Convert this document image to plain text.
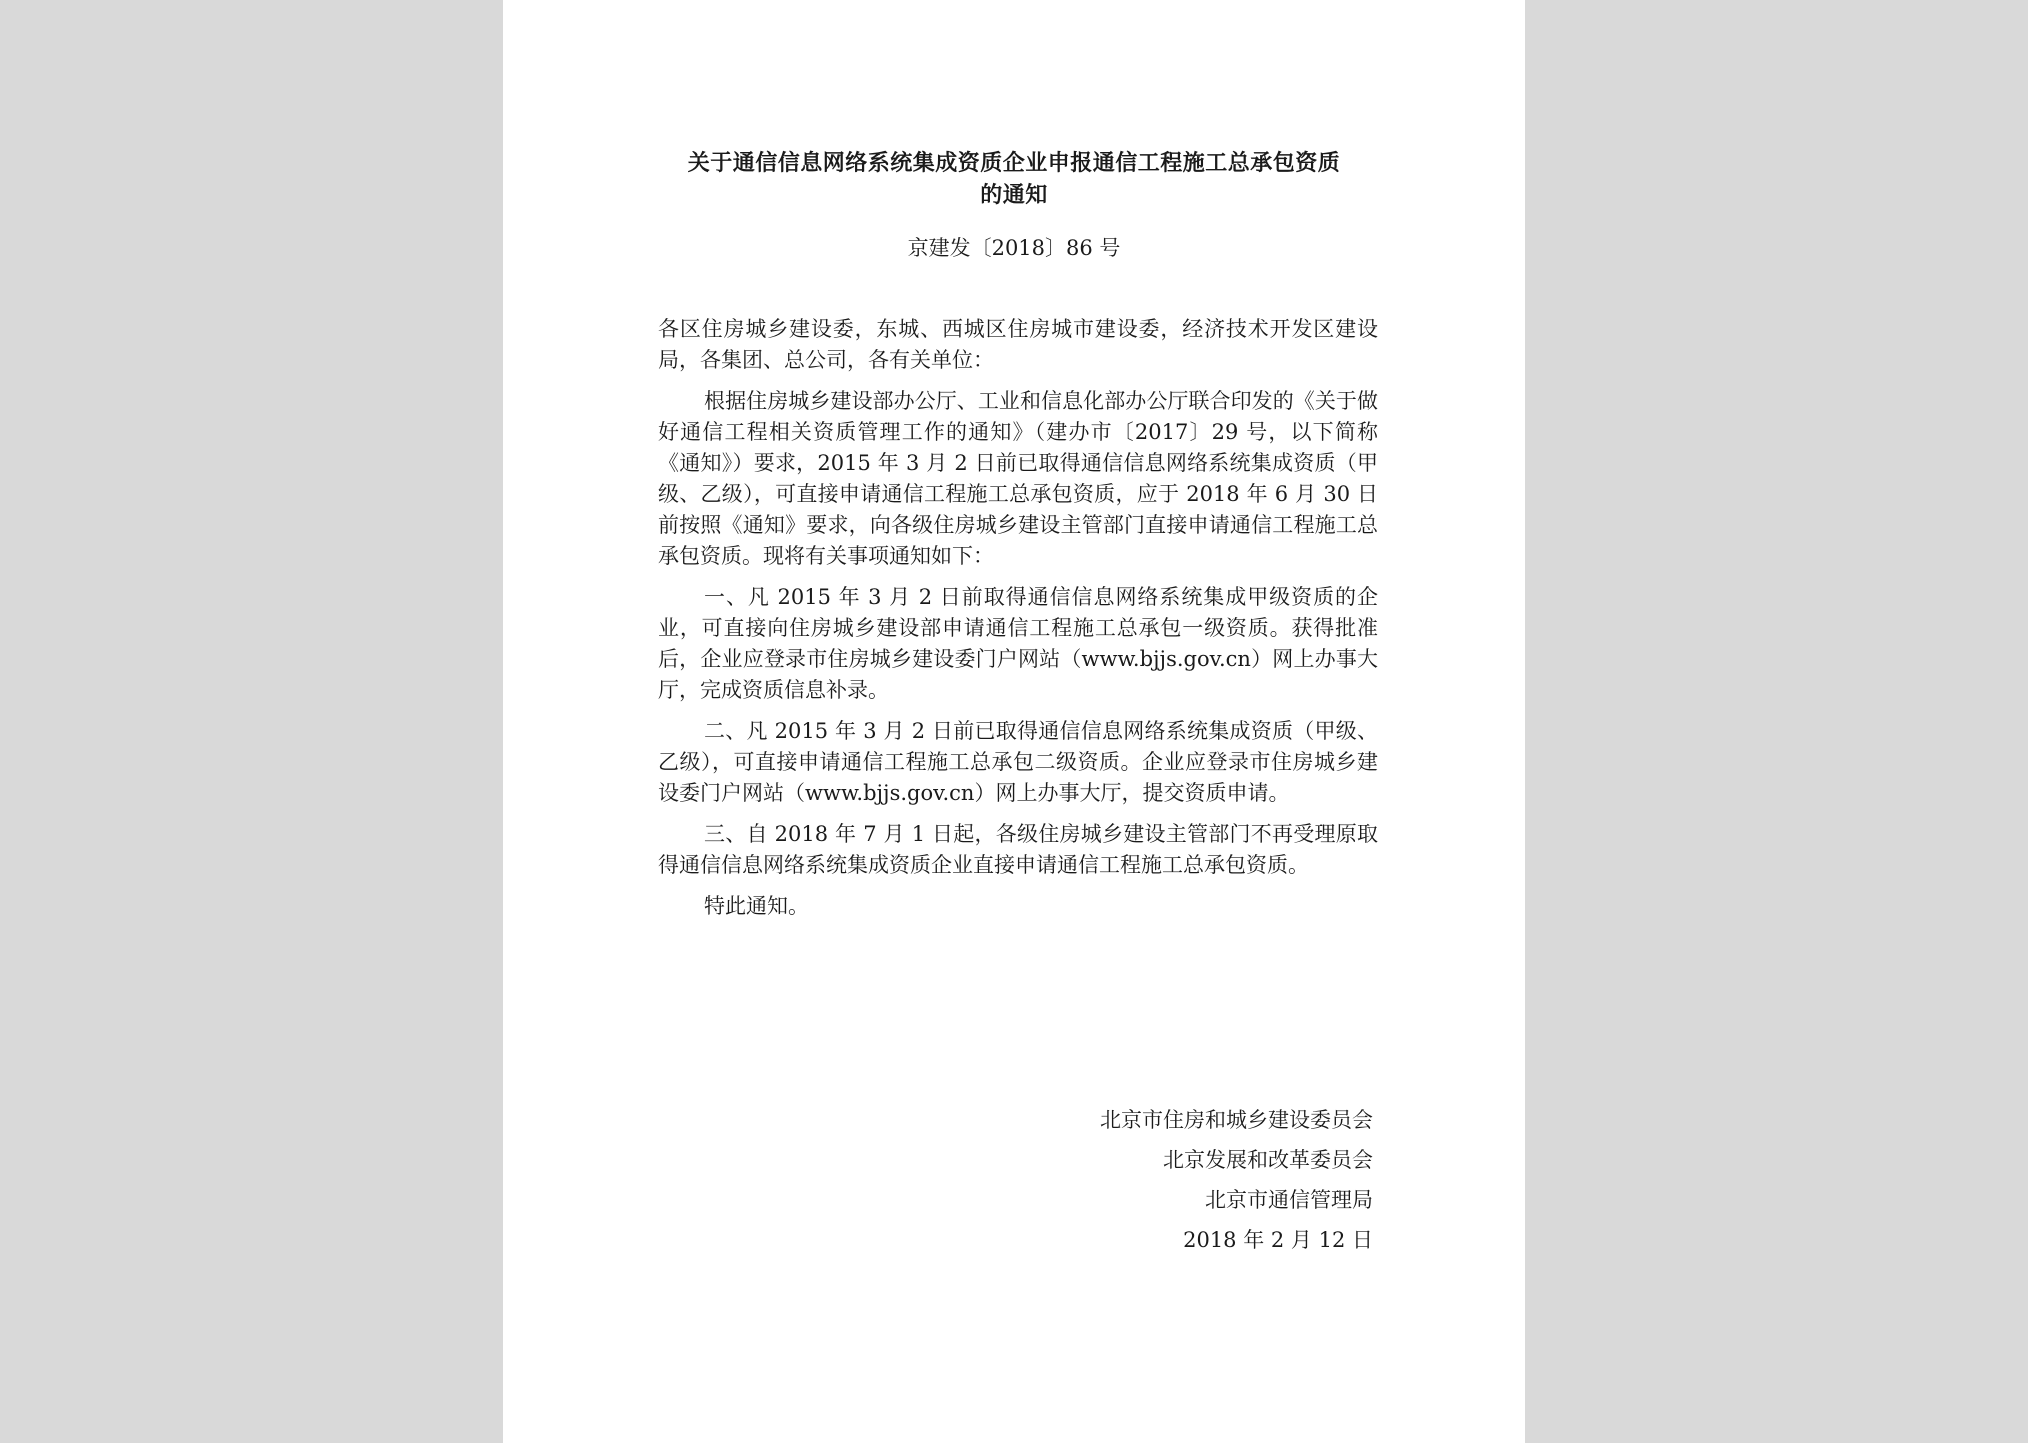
关于通信信息网络系统集成资质企业申报通信工程施工总承包资质
的通知
京建发〔2018〕86 号

各区住房城乡建设委，东城、西城区住房城市建设委，经济技术开发区建设局，各集团、总公司，各有关单位：

根据住房城乡建设部办公厅、工业和信息化部办公厅联合印发的《关于做好通信工程相关资质管理工作的通知》（建办市〔2017〕29 号，以下简称《通知》）要求，2015 年 3 月 2 日前已取得通信信息网络系统集成资质（甲级、乙级），可直接申请通信工程施工总承包资质，应于 2018 年 6 月 30 日前按照《通知》要求，向各级住房城乡建设主管部门直接申请通信工程施工总承包资质。现将有关事项通知如下：

一、凡 2015 年 3 月 2 日前取得通信信息网络系统集成甲级资质的企业，可直接向住房城乡建设部申请通信工程施工总承包一级资质。获得批准后，企业应登录市住房城乡建设委门户网站（www.bjjs.gov.cn）网上办事大厅，完成资质信息补录。

二、凡 2015 年 3 月 2 日前已取得通信信息网络系统集成资质（甲级、乙级），可直接申请通信工程施工总承包二级资质。企业应登录市住房城乡建设委门户网站（www.bjjs.gov.cn）网上办事大厅，提交资质申请。

三、自 2018 年 7 月 1 日起，各级住房城乡建设主管部门不再受理原取得通信信息网络系统集成资质企业直接申请通信工程施工总承包资质。

特此通知。

北京市住房和城乡建设委员会
北京发展和改革委员会
北京市通信管理局
2018 年 2 月 12 日
